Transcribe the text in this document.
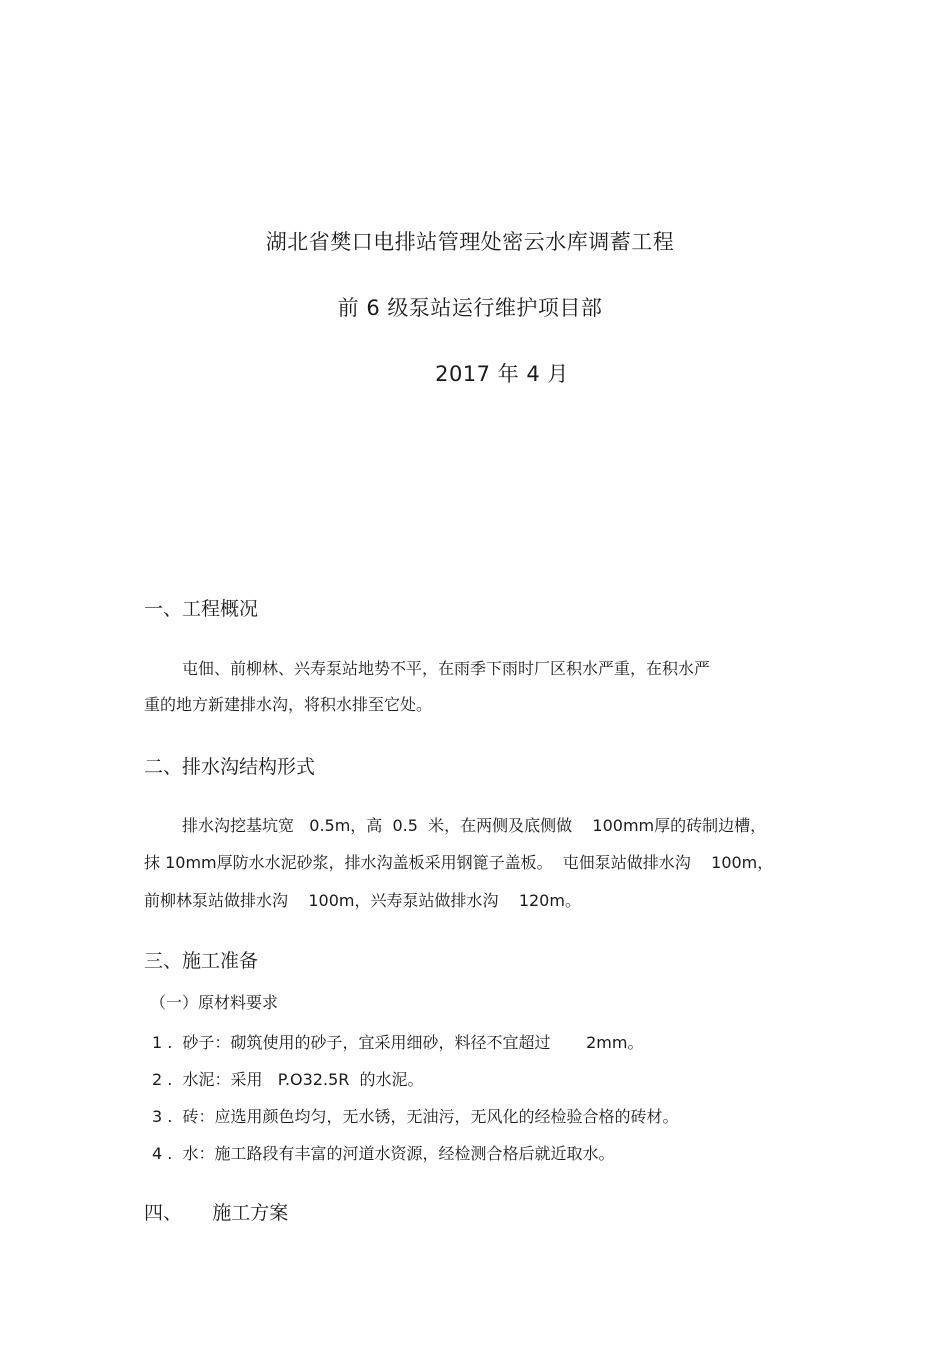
湖北省樊口电排站管理处密云水库调蓄工程
前 6 级泵站运行维护项目部
2017 年 4 月
一、工程概况
屯佃、前柳林、兴寿泵站地势不平，在雨季下雨时厂区积水严重，在积水严
重的地方新建排水沟，将积水排至它处。
二、排水沟结构形式
排水沟挖基坑宽   0.5m，高  0.5  米，在两侧及底侧做    100mm厚的砖制边槽，
抹 10mm厚防水水泥砂浆，排水沟盖板采用钢篦子盖板。  屯佃泵站做排水沟    100m，
前柳林泵站做排水沟    100m，兴寿泵站做排水沟    120m。
三、施工准备
（一）原材料要求
1 .  砂子：砌筑使用的砂子，宜采用细砂，料径不宜超过       2mm。
2 .  水泥：采用   P.O32.5R  的水泥。
3 .  砖：应选用颜色均匀，无水锈，无油污，无风化的经检验合格的砖材。
4 .  水：施工路段有丰富的河道水资源，经检测合格后就近取水。
四、     施工方案
